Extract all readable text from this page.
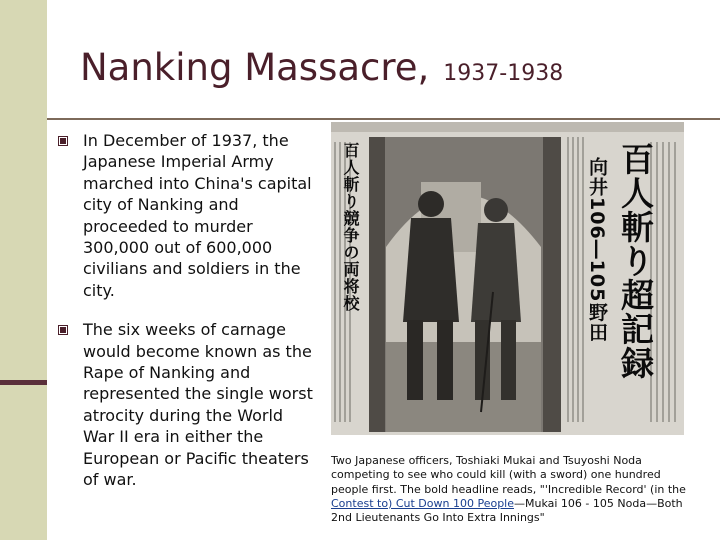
Nanking Massacre, 1937-1938
In December of 1937, the Japanese Imperial Army marched into China's capital city of Nanking and proceeded to murder 300,000 out of 600,000 civilians and soldiers in the city.
The six weeks of carnage would become known as the Rape of Nanking and represented the single worst atrocity during the World War II era in either the European or Pacific theaters of war.
百人斬り競争の両将校	向井106―105野田 百人斬り超記録
Two Japanese officers, Toshiaki Mukai and Tsuyoshi Noda competing to see who could kill (with a sword) one hundred people first. The bold headline reads, "'Incredible Record' (in the Contest to) Cut Down 100 People—Mukai 106 - 105 Noda—Both 2nd Lieutenants Go Into Extra Innings"
